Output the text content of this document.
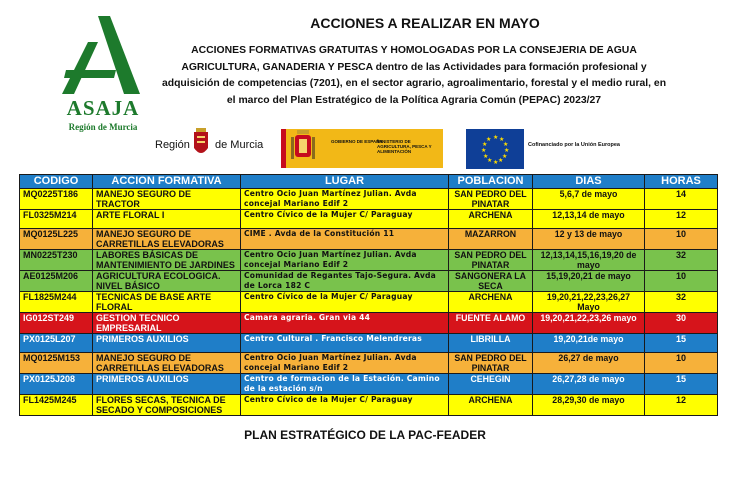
ASAJA
Región de Murcia
ACCIONES A REALIZAR EN MAYO
ACCIONES FORMATIVAS GRATUITAS Y HOMOLOGADAS POR LA CONSEJERIA DE AGUA AGRICULTURA, GANADERIA Y PESCA dentro de las Actividades para formación profesional y adquisición de competencias (7201), en el sector agrario, agroalimentario, forestal y el medio rural, en el marco del Plan Estratégico de la Política Agraria Común (PEPAC) 2023/27
Región de Murcia	GOBIERNO DE ESPAÑA
MINISTERIO DE AGRICULTURA, PESCA Y ALIMENTACIÓN
★ ★
★
★
★
★
★
★
★
★
★
★
Cofinanciado por la Unión Europea
CODIGO	ACCION FORMATIVA	LUGAR	POBLACION	DIAS	HORAS
MQ0225T186	MANEJO SEGURO DE TRACTOR	Centro Ocio Juan Martínez Julian. Avda concejal Mariano Edif 2	SAN PEDRO DEL PINATAR	5,6,7 de mayo	14
FL0325M214	ARTE FLORAL I	Centro Cívico de la Mujer C/ Paraguay	ARCHENA	12,13,14 de mayo	12
MQ0125L225	MANEJO SEGURO DE CARRETILLAS ELEVADORAS	CIME . Avda de la Constitución 11	MAZARRON	12 y 13 de mayo	10
MN0225T230	LABORES BÁSICAS DE MANTENIMIENTO DE JARDINES	Centro Ocio Juan Martínez Julian. Avda concejal Mariano Edif 2	SAN PEDRO DEL PINATAR	12,13,14,15,16,19,20 de mayo	32
AE0125M206	AGRICULTURA ECOLOGICA. NIVEL BÁSICO	Comunidad de Regantes Tajo-Segura. Avda de Lorca 182 C	SANGONERA LA SECA	15,19,20,21 de mayo	10
FL1825M244	TECNICAS DE BASE ARTE FLORAL	Centro Cívico de la Mujer C/ Paraguay	ARCHENA	19,20,21,22,23,26,27 Mayo	32
IG012ST249	GESTION TECNICO EMPRESARIAL	Camara agraria. Gran via 44	FUENTE ALAMO	19,20,21,22,23,26 mayo	30
PX0125L207	PRIMEROS AUXILIOS	Centro Cultural . Francisco Melendreras	LIBRILLA	19,20,21de mayo	15
MQ0125M153	MANEJO SEGURO DE CARRETILLAS ELEVADORAS	Centro Ocio Juan Martínez Julian. Avda concejal Mariano Edif 2	SAN PEDRO DEL PINATAR	26,27 de mayo	10
PX0125J208	PRIMEROS AUXILIOS	Centro de formacion de la Estación. Camino de la estación s/n	CEHEGIN	26,27,28 de mayo	15
FL1425M245	FLORES SECAS, TECNICA DE SECADO Y COMPOSICIONES	Centro Cívico de la Mujer C/ Paraguay	ARCHENA	28,29,30 de mayo	12
PLAN ESTRATÉGICO DE LA PAC-FEADER
